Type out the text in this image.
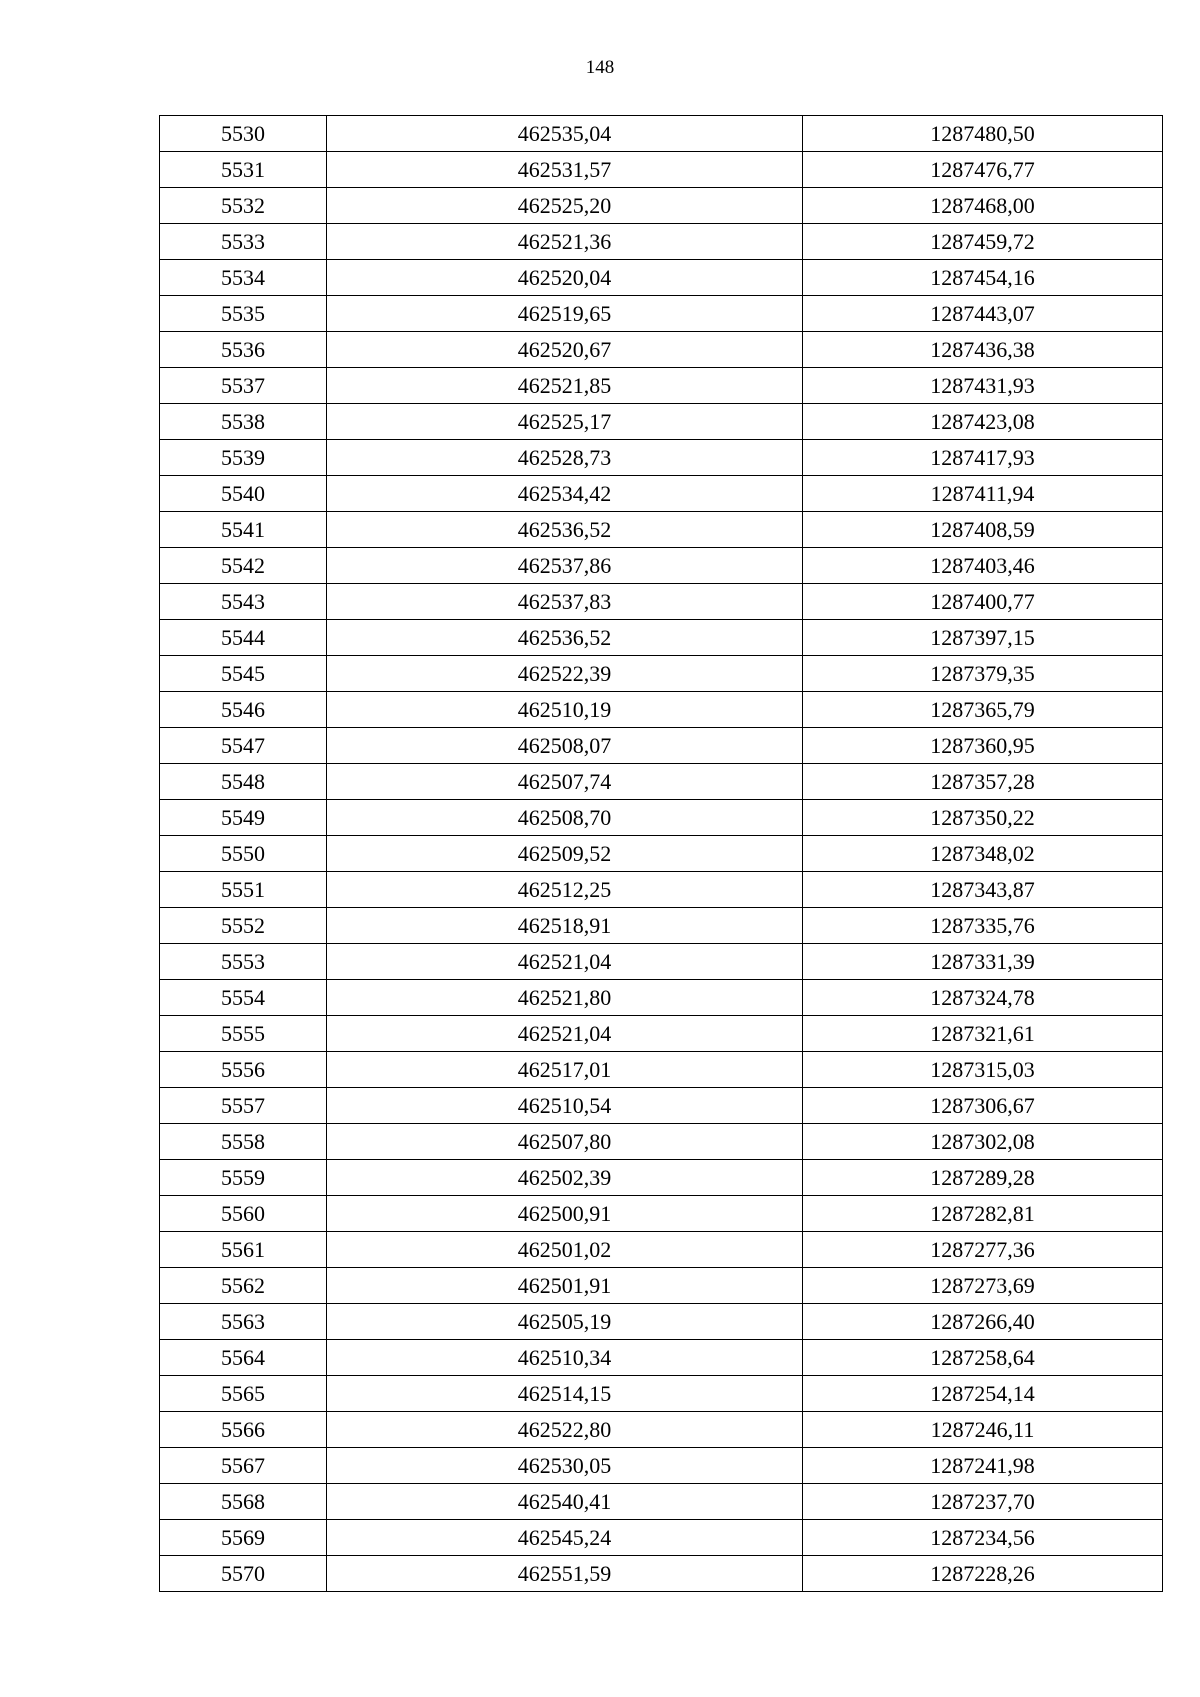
148
5530	462535,04	1287480,50
5531	462531,57	1287476,77
5532	462525,20	1287468,00
5533	462521,36	1287459,72
5534	462520,04	1287454,16
5535	462519,65	1287443,07
5536	462520,67	1287436,38
5537	462521,85	1287431,93
5538	462525,17	1287423,08
5539	462528,73	1287417,93
5540	462534,42	1287411,94
5541	462536,52	1287408,59
5542	462537,86	1287403,46
5543	462537,83	1287400,77
5544	462536,52	1287397,15
5545	462522,39	1287379,35
5546	462510,19	1287365,79
5547	462508,07	1287360,95
5548	462507,74	1287357,28
5549	462508,70	1287350,22
5550	462509,52	1287348,02
5551	462512,25	1287343,87
5552	462518,91	1287335,76
5553	462521,04	1287331,39
5554	462521,80	1287324,78
5555	462521,04	1287321,61
5556	462517,01	1287315,03
5557	462510,54	1287306,67
5558	462507,80	1287302,08
5559	462502,39	1287289,28
5560	462500,91	1287282,81
5561	462501,02	1287277,36
5562	462501,91	1287273,69
5563	462505,19	1287266,40
5564	462510,34	1287258,64
5565	462514,15	1287254,14
5566	462522,80	1287246,11
5567	462530,05	1287241,98
5568	462540,41	1287237,70
5569	462545,24	1287234,56
5570	462551,59	1287228,26
